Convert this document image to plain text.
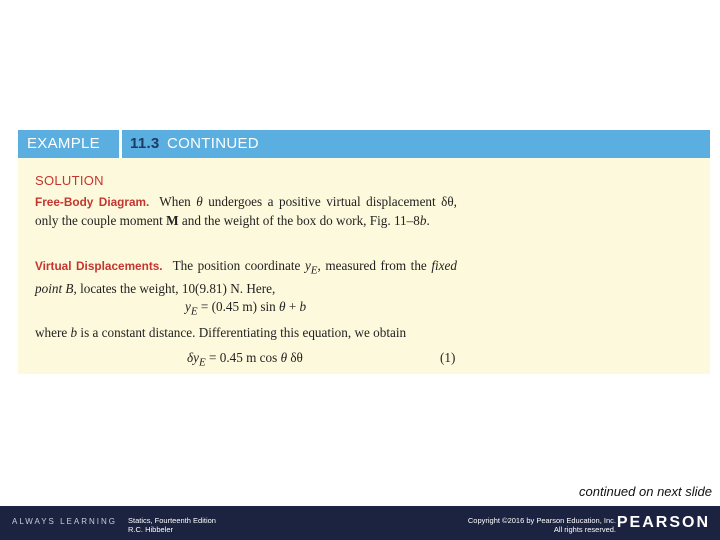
EXAMPLE	11.3 CONTINUED
SOLUTION
Free-Body Diagram. When θ undergoes a positive virtual displacement δθ, only the couple moment M and the weight of the box do work, Fig. 11–8b.
Virtual Displacements. The position coordinate $y_E$, measured from the fixed point B, locates the weight, 10(9.81) N. Here,
$y_E = (0.45$ m) sin θ + b
where b is a constant distance. Differentiating this equation, we obtain
$\delta y_E = 0.45$ m cos θ δθ	(1)
continued on next slide
ALWAYS LEARNING Statics, Fourteenth Edition
R.C. Hibbeler
Copyright ©2016 by Pearson Education, Inc.
All rights reserved. PEARSON
